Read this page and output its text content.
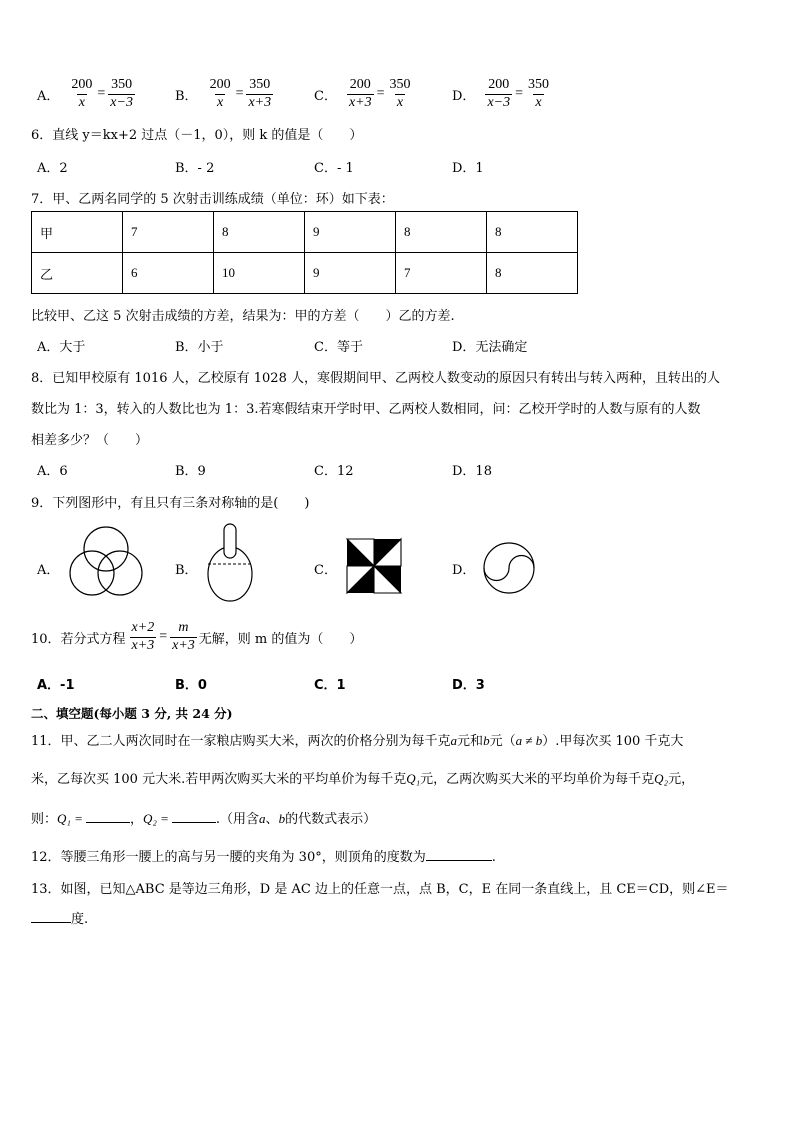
A． $\frac{200}{x} = \frac{350}{x-3}$	B． $\frac{200}{x} = \frac{350}{x+3}$	C． $\frac{200}{x+3} = \frac{350}{x}$	D． $\frac{200}{x-3} = \frac{350}{x}$
6．直线 y＝kx+2 过点（－1，0），则 k 的值是（　　）
A．2	B．- 2	C．- 1	D．1
7．甲、乙两名同学的 5 次射击训练成绩（单位：环）如下表：
甲	7	8	9	8	8
乙	6	10	9	7	8
比较甲、乙这 5 次射击成绩的方差，结果为：甲的方差（　　）乙的方差.
A．大于	B．小于	C．等于	D．无法确定
8．已知甲校原有 1016 人，乙校原有 1028 人，寒假期间甲、乙两校人数变动的原因只有转出与转入两种，且转出的人
数比为 1：3，转入的人数比也为 1：3.若寒假结束开学时甲、乙两校人数相同，问：乙校开学时的人数与原有的人数
相差多少？（　　）
A．6	B．9	C．12	D．18
9．下列图形中，有且只有三条对称轴的是(　　)
A．	B．	C．	D．
10．若分式方程 $\frac{x+2}{x+3} = \frac{m}{x+3}$ 无解，则 m 的值为（　　）
A．-1	B．0	C．1	D．3
二、填空题(每小题 3 分, 共 24 分)
11．甲、乙二人两次同时在一家粮店购买大米，两次的价格分别为每千克a元和b元（a ≠ b）.甲每次买 100 千克大
米，乙每次买 100 元大米.若甲两次购买大米的平均单价为每千克Q₁元，乙两次购买大米的平均单价为每千克Q₂元，
则：Q₁ =	，Q₂ =	.（用含a、b的代数式表示）
12．等腰三角形一腰上的高与另一腰的夹角为 30°，则顶角的度数为	.
13．如图，已知△ABC 是等边三角形，D 是 AC 边上的任意一点，点 B，C，E 在同一条直线上，且 CE＝CD，则∠E＝
度.
